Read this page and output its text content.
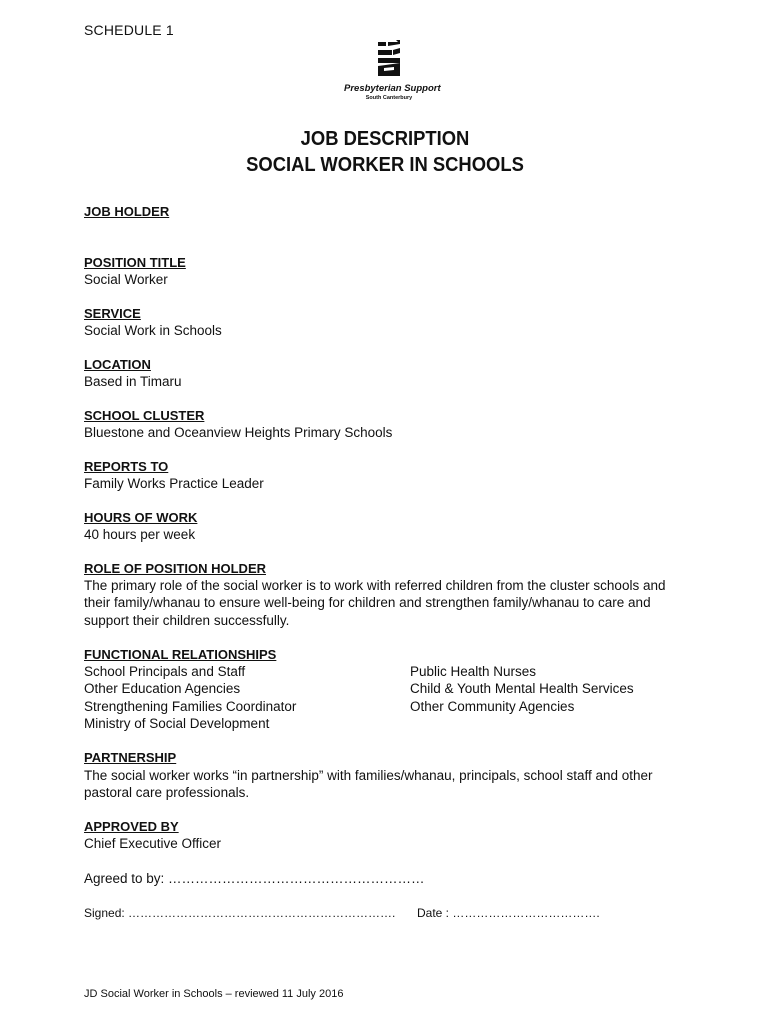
SCHEDULE 1
Presbyterian Support
South Canterbury
JOB DESCRIPTION
SOCIAL WORKER IN SCHOOLS
JOB HOLDER
POSITION TITLE
Social Worker
SERVICE
Social Work in Schools
LOCATION
Based in Timaru
SCHOOL CLUSTER
Bluestone and Oceanview Heights Primary Schools
REPORTS TO
Family Works Practice Leader
HOURS OF WORK
40 hours per week
ROLE OF POSITION HOLDER
The primary role of the social worker is to work with referred children from the cluster schools and their family/whanau to ensure well-being for children and strengthen family/whanau to care and support their children successfully.
FUNCTIONAL RELATIONSHIPS
School Principals and Staff
Other Education Agencies
Strengthening Families Coordinator
Ministry of Social Development
Public Health Nurses
Child & Youth Mental Health Services
Other Community Agencies
PARTNERSHIP
The social worker works “in partnership” with families/whanau, principals, school staff and other pastoral care professionals.
APPROVED BY
Chief Executive Officer
Agreed to by: …………………………………………………
Signed: …………………………………………………………. Date : ……………………………….
JD Social Worker in Schools – reviewed 11 July 2016
